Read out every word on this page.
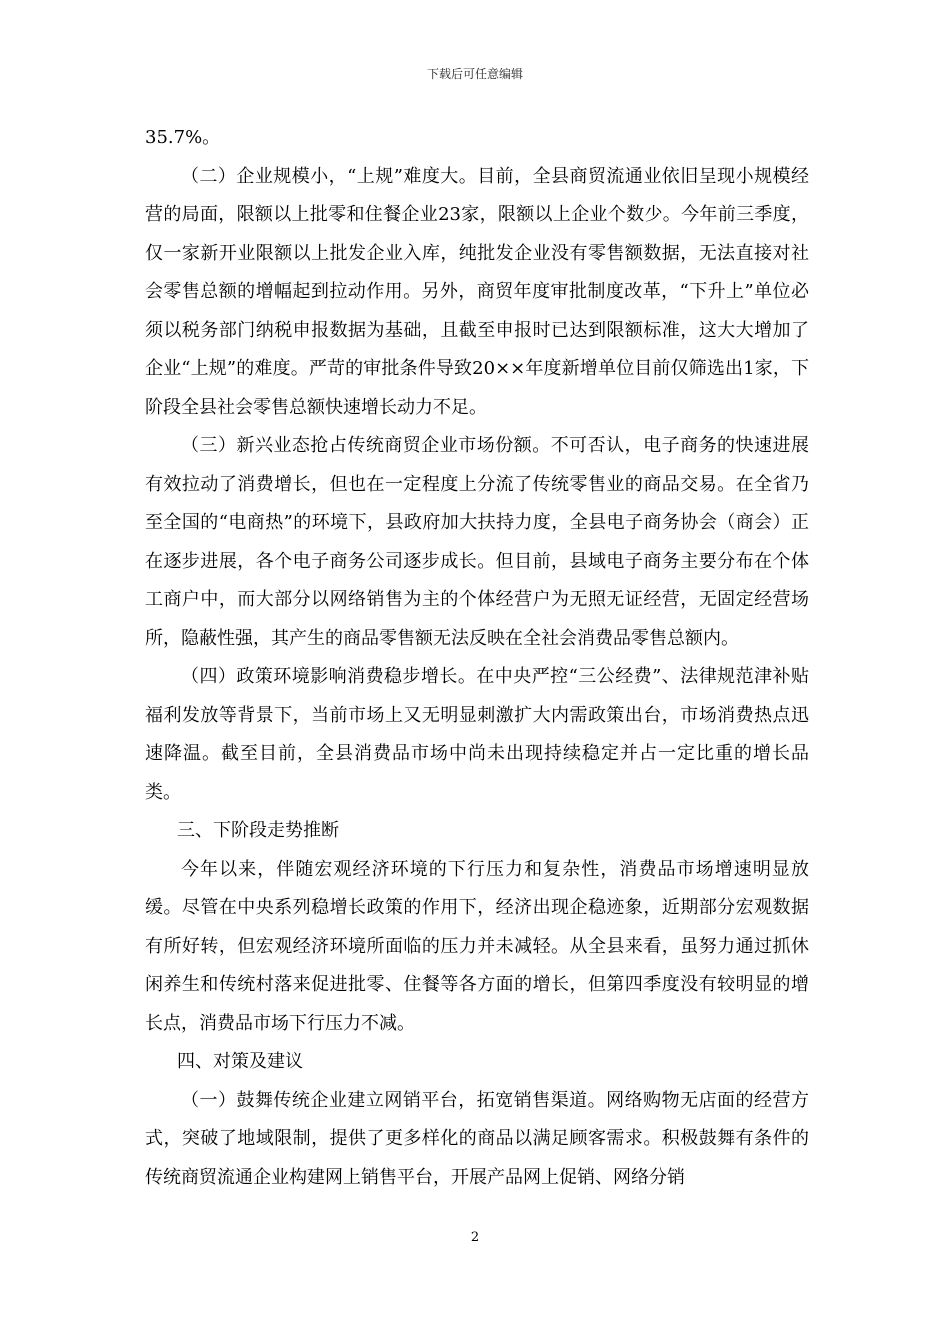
下载后可任意编辑

35.7%。

（二）企业规模小，“上规”难度大。目前，全县商贸流通业依旧呈现小规模经营的局面，限额以上批零和住餐企业23家，限额以上企业个数少。今年前三季度，仅一家新开业限额以上批发企业入库，纯批发企业没有零售额数据，无法直接对社会零售总额的增幅起到拉动作用。另外，商贸年度审批制度改革，“下升上”单位必须以税务部门纳税申报数据为基础，且截至申报时已达到限额标准，这大大增加了企业“上规”的难度。严苛的审批条件导致20××年度新增单位目前仅筛选出1家，下阶段全县社会零售总额快速增长动力不足。

（三）新兴业态抢占传统商贸企业市场份额。不可否认，电子商务的快速进展有效拉动了消费增长，但也在一定程度上分流了传统零售业的商品交易。在全省乃至全国的“电商热”的环境下，县政府加大扶持力度，全县电子商务协会（商会）正在逐步进展，各个电子商务公司逐步成长。但目前，县域电子商务主要分布在个体工商户中，而大部分以网络销售为主的个体经营户为无照无证经营，无固定经营场所，隐蔽性强，其产生的商品零售额无法反映在全社会消费品零售总额内。

（四）政策环境影响消费稳步增长。在中央严控“三公经费”、法律规范津补贴福利发放等背景下，当前市场上又无明显刺激扩大内需政策出台，市场消费热点迅速降温。截至目前，全县消费品市场中尚未出现持续稳定并占一定比重的增长品类。

三、下阶段走势推断

今年以来，伴随宏观经济环境的下行压力和复杂性，消费品市场增速明显放缓。尽管在中央系列稳增长政策的作用下，经济出现企稳迹象，近期部分宏观数据有所好转，但宏观经济环境所面临的压力并未减轻。从全县来看，虽努力通过抓休闲养生和传统村落来促进批零、住餐等各方面的增长，但第四季度没有较明显的增长点，消费品市场下行压力不减。

四、对策及建议

（一）鼓舞传统企业建立网销平台，拓宽销售渠道。网络购物无店面的经营方式，突破了地域限制，提供了更多样化的商品以满足顾客需求。积极鼓舞有条件的传统商贸流通企业构建网上销售平台，开展产品网上促销、网络分销

2
